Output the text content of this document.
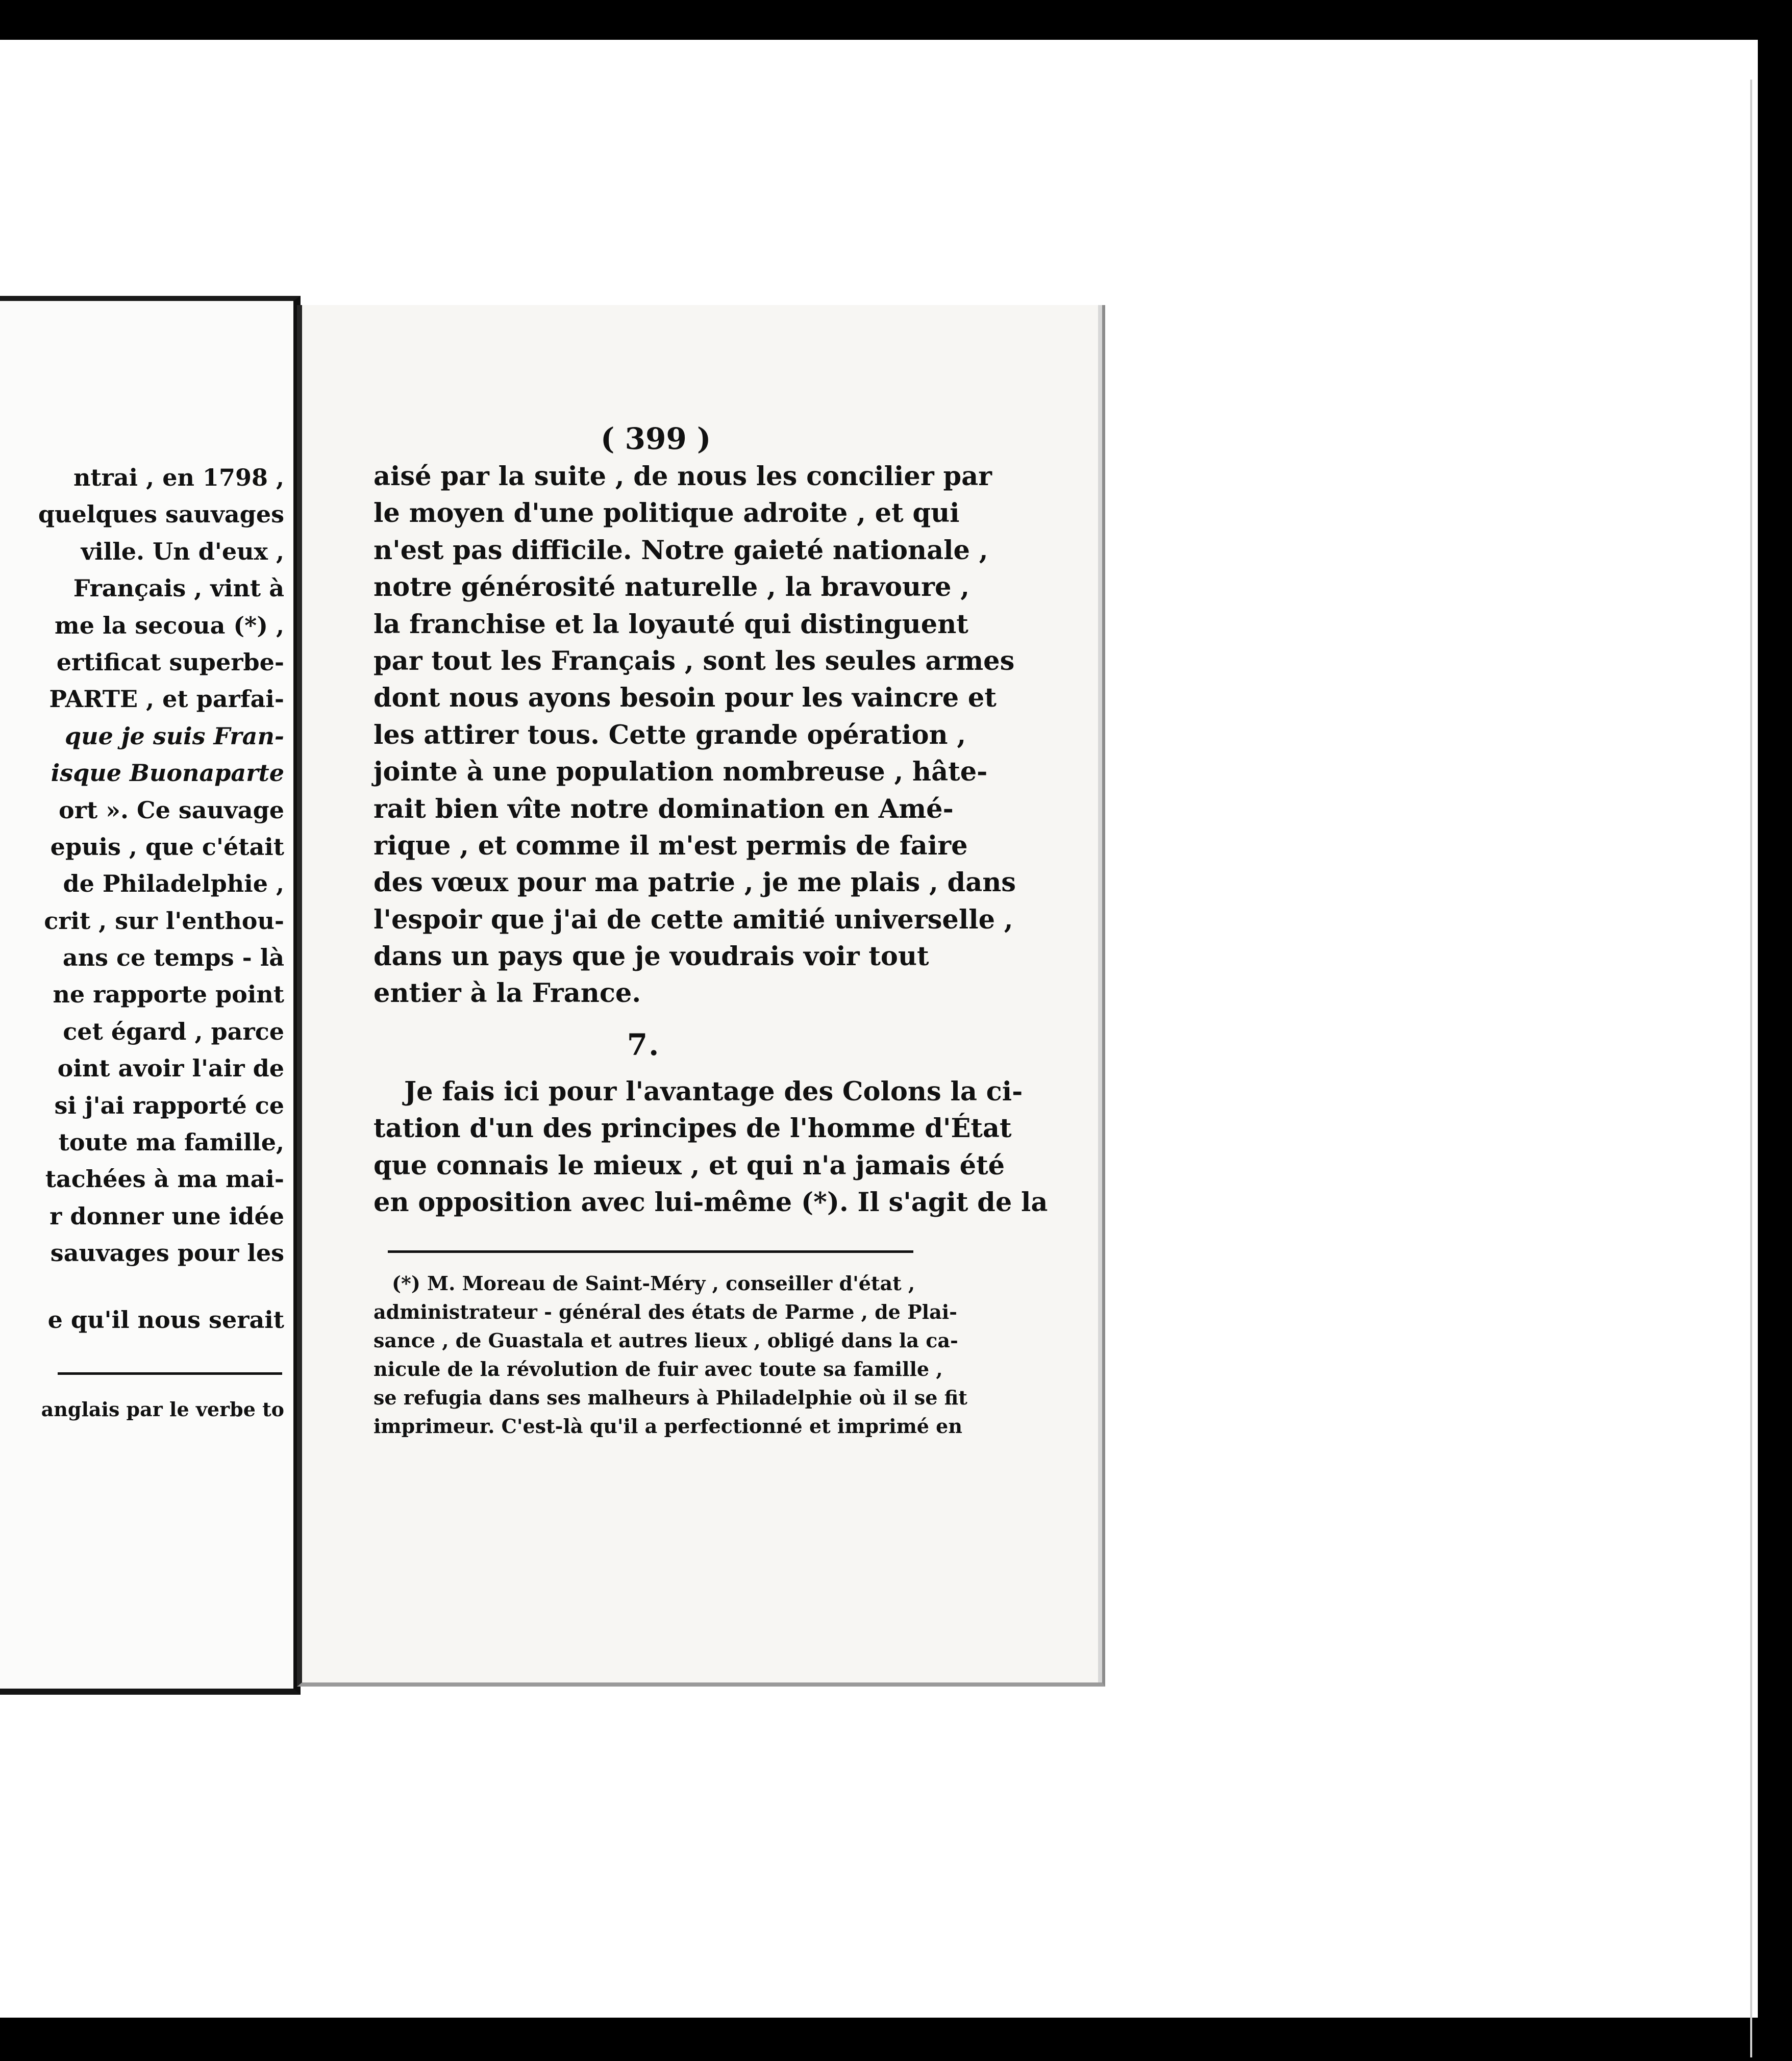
ntrai , en 1798 ,
quelques sauvages
ville. Un d'eux ,
Français , vint à
me la secoua (*) ,
ertificat superbe-
PARTE , et parfai-
que je suis Fran-
isque Buonaparte
ort ». Ce sauvage
epuis , que c'était
de Philadelphie ,
crit , sur l'enthou-
ans ce temps - là
ne rapporte point
cet égard , parce
oint avoir l'air de
si j'ai rapporté ce
toute ma famille,
tachées à ma mai-
r donner une idée
sauvages pour les
e qu'il nous serait
anglais par le verbe to
( 399 )
aisé par la suite , de nous les concilier par
le moyen d'une politique adroite , et qui
n'est pas difficile. Notre gaieté nationale ,
notre générosité naturelle , la bravoure ,
la franchise et la loyauté qui distinguent
par tout les Français , sont les seules armes
dont nous ayons besoin pour les vaincre et
les attirer tous. Cette grande opération ,
jointe à une population nombreuse , hâte-
rait bien vîte notre domination en Amé-
rique , et comme il m'est permis de faire
des vœux pour ma patrie , je me plais , dans
l'espoir que j'ai de cette amitié universelle ,
dans un pays que je voudrais voir tout
entier à la France.
7.
Je fais ici pour l'avantage des Colons la ci-
tation d'un des principes de l'homme d'État
que connais le mieux , et qui n'a jamais été
en opposition avec lui-même (*). Il s'agit de la
(*) M. Moreau de Saint-Méry , conseiller d'état ,
administrateur - général des états de Parme , de Plai-
sance , de Guastala et autres lieux , obligé dans la ca-
nicule de la révolution de fuir avec toute sa famille ,
se refugia dans ses malheurs à Philadelphie où il se fit
imprimeur. C'est-là qu'il a perfectionné et imprimé en
